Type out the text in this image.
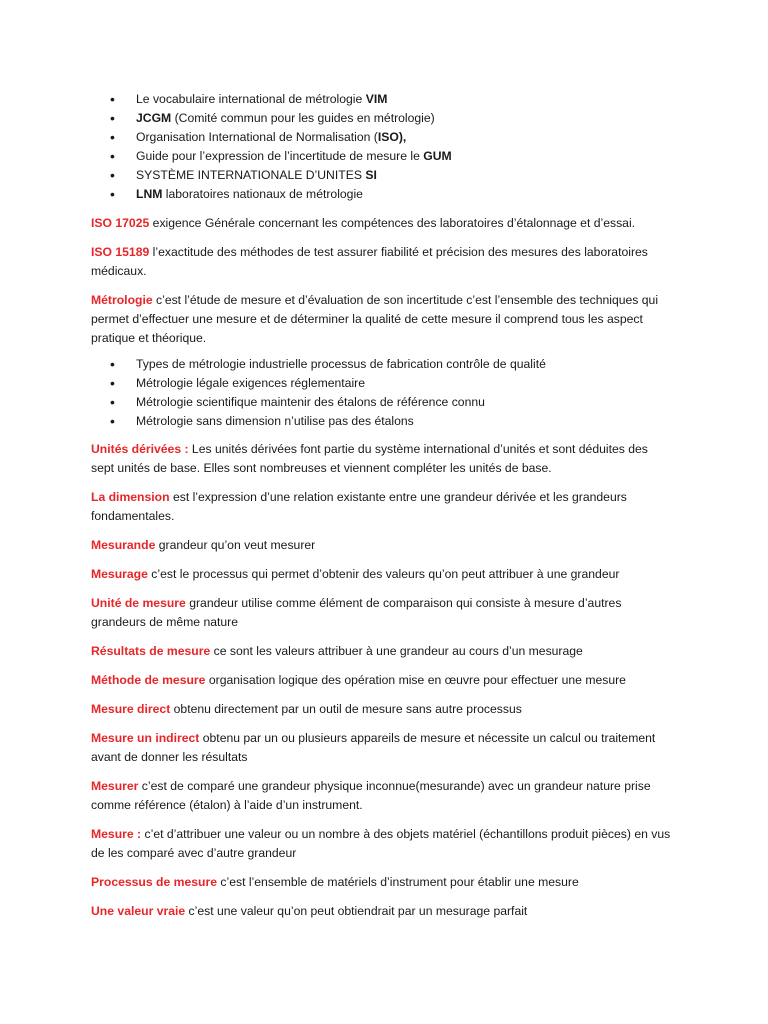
• Le vocabulaire international de métrologie VIM
• JCGM (Comité commun pour les guides en métrologie)
• Organisation International de Normalisation (ISO),
• Guide pour l’expression de l’incertitude de mesure le GUM
• SYSTÈME INTERNATIONALE D’UNITES SI
• LNM laboratoires nationaux de métrologie

ISO 17025 exigence Générale concernant les compétences des laboratoires d’étalonnage et d’essai.

ISO 15189 l’exactitude des méthodes de test assurer fiabilité et précision des mesures des laboratoires médicaux.

Métrologie c’est l’étude de mesure et d’évaluation de son incertitude c’est l’ensemble des techniques qui permet d’effectuer une mesure et de déterminer la qualité de cette mesure il comprend tous les aspect pratique et théorique.

• Types de métrologie industrielle processus de fabrication contrôle de qualité
• Métrologie légale exigences réglementaire
• Métrologie scientifique maintenir des étalons de référence connu
• Métrologie sans dimension n’utilise pas des étalons

Unités dérivées : Les unités dérivées font partie du système international d’unités et sont déduites des sept unités de base. Elles sont nombreuses et viennent compléter les unités de base.

La dimension est l’expression d’une relation existante entre une grandeur dérivée et les grandeurs fondamentales.

Mesurande grandeur qu’on veut mesurer

Mesurage c’est le processus qui permet d’obtenir des valeurs qu’on peut attribuer à une grandeur

Unité de mesure grandeur utilise comme élément de comparaison qui consiste à mesure d’autres grandeurs de même nature

Résultats de mesure ce sont les valeurs attribuer à une grandeur au cours d’un mesurage

Méthode de mesure organisation logique des opération mise en œuvre pour effectuer une mesure

Mesure direct obtenu directement par un outil de mesure sans autre processus

Mesure un indirect obtenu par un ou plusieurs appareils de mesure et nécessite un calcul ou traitement avant de donner les résultats

Mesurer c’est de comparé une grandeur physique inconnue(mesurande) avec un grandeur nature prise comme référence (étalon) à l’aide d’un instrument.

Mesure : c’et d’attribuer une valeur ou un nombre à des objets matériel (échantillons produit pièces) en vus de les comparé avec d’autre grandeur

Processus de mesure c’est l’ensemble de matériels d’instrument pour établir une mesure

Une valeur vraie c’est une valeur qu’on peut obtiendrait par un mesurage parfait
